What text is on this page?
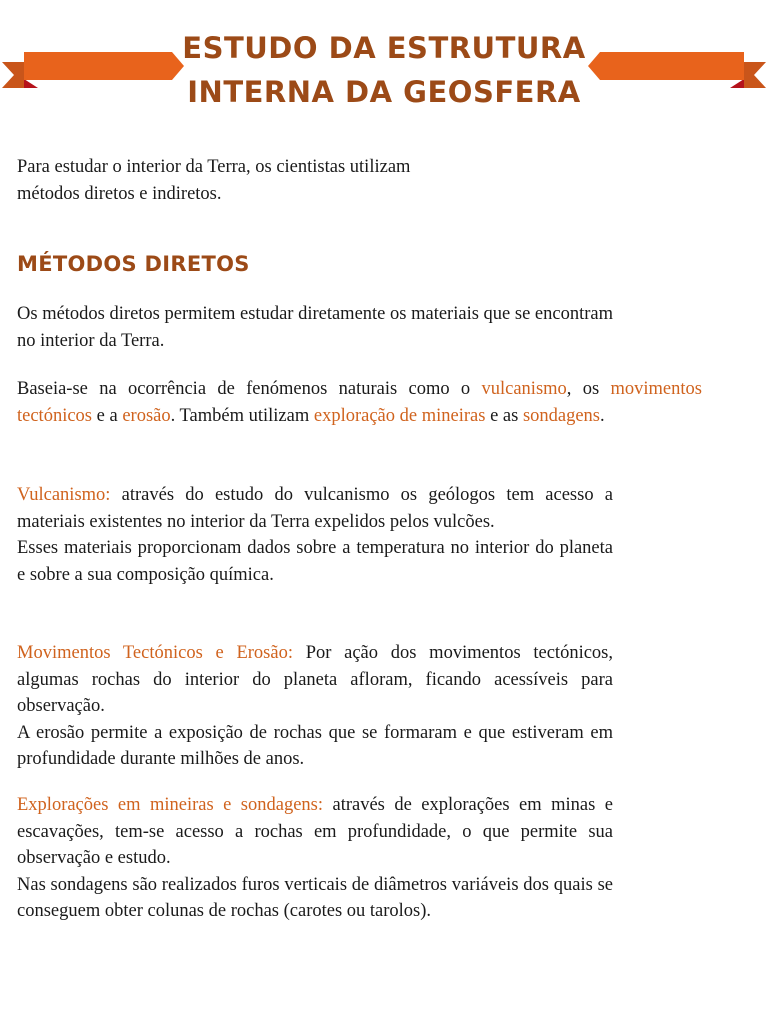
ESTUDO DA ESTRUTURA
INTERNA DA GEOSFERA
Para estudar o interior da Terra, os cientistas utilizam
métodos diretos e indiretos.
MÉTODOS DIRETOS
Os métodos diretos permitem estudar diretamente os materiais que se encontram no interior da Terra.
Baseia-se na ocorrência de fenómenos naturais como o vulcanismo, os movimentos tectónicos e a erosão. Também utilizam exploração de mineiras e as sondagens.
Vulcanismo: através do estudo do vulcanismo os geólogos tem acesso a materiais existentes no interior da Terra expelidos pelos vulcões.
Esses materiais proporcionam dados sobre a temperatura no interior do planeta e sobre a sua composição química.
Movimentos Tectónicos e Erosão: Por ação dos movimentos tectónicos, algumas rochas do interior do planeta afloram, ficando acessíveis para observação.
A erosão permite a exposição de rochas que se formaram e que estiveram em profundidade durante milhões de anos.
Explorações em mineiras e sondagens: através de explorações em minas e escavações, tem-se acesso a rochas em profundidade, o que permite sua observação e estudo.
Nas sondagens são realizados furos verticais de diâmetros variáveis dos quais se conseguem obter colunas de rochas (carotes ou tarolos).
